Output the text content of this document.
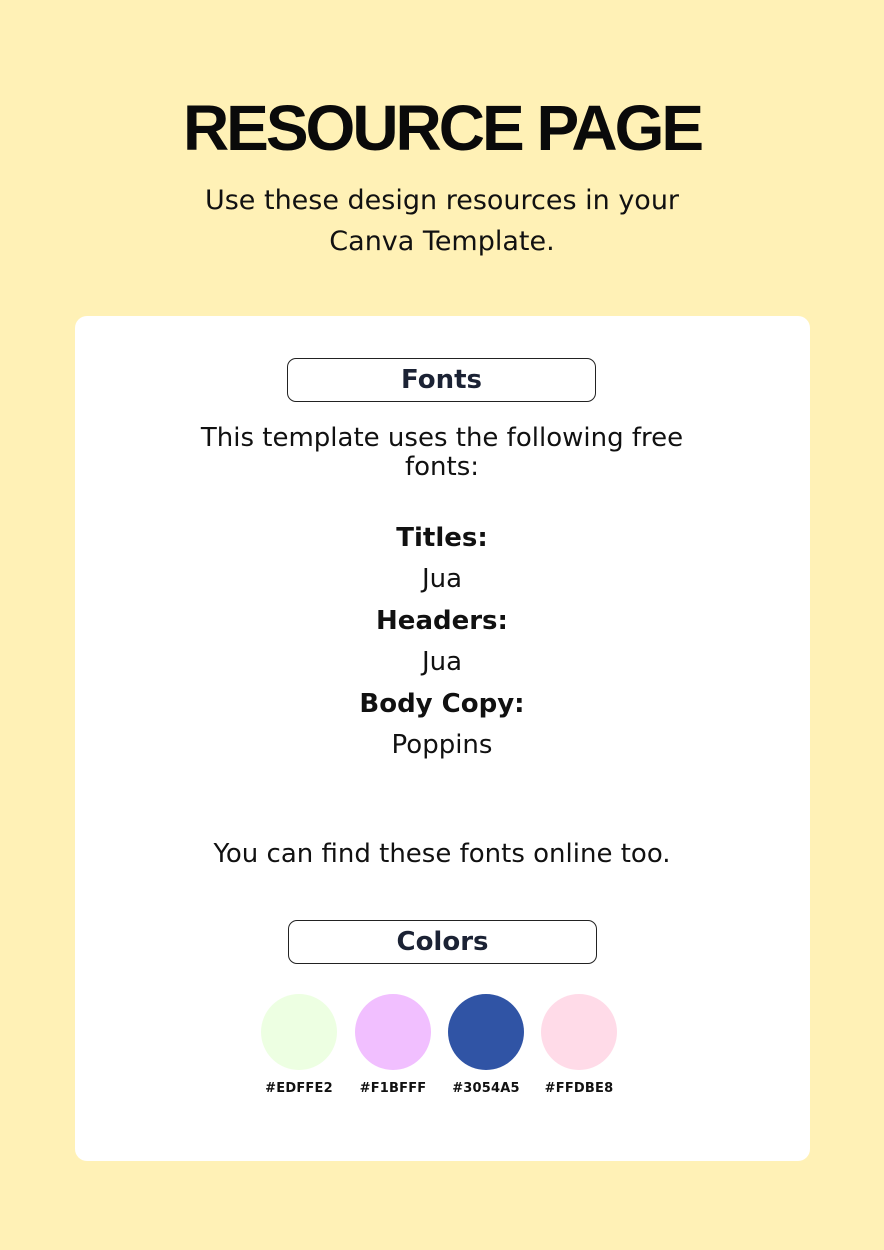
RESOURCE PAGE
Use these design resources in your Canva Template.
Fonts
This template uses the following free fonts:
Titles:
Jua
Headers:
Jua
Body Copy:
Poppins
You can find these fonts online too.
Colors
#EDFFE2	#F1BFFF	#3054A5	#FFDBE8
